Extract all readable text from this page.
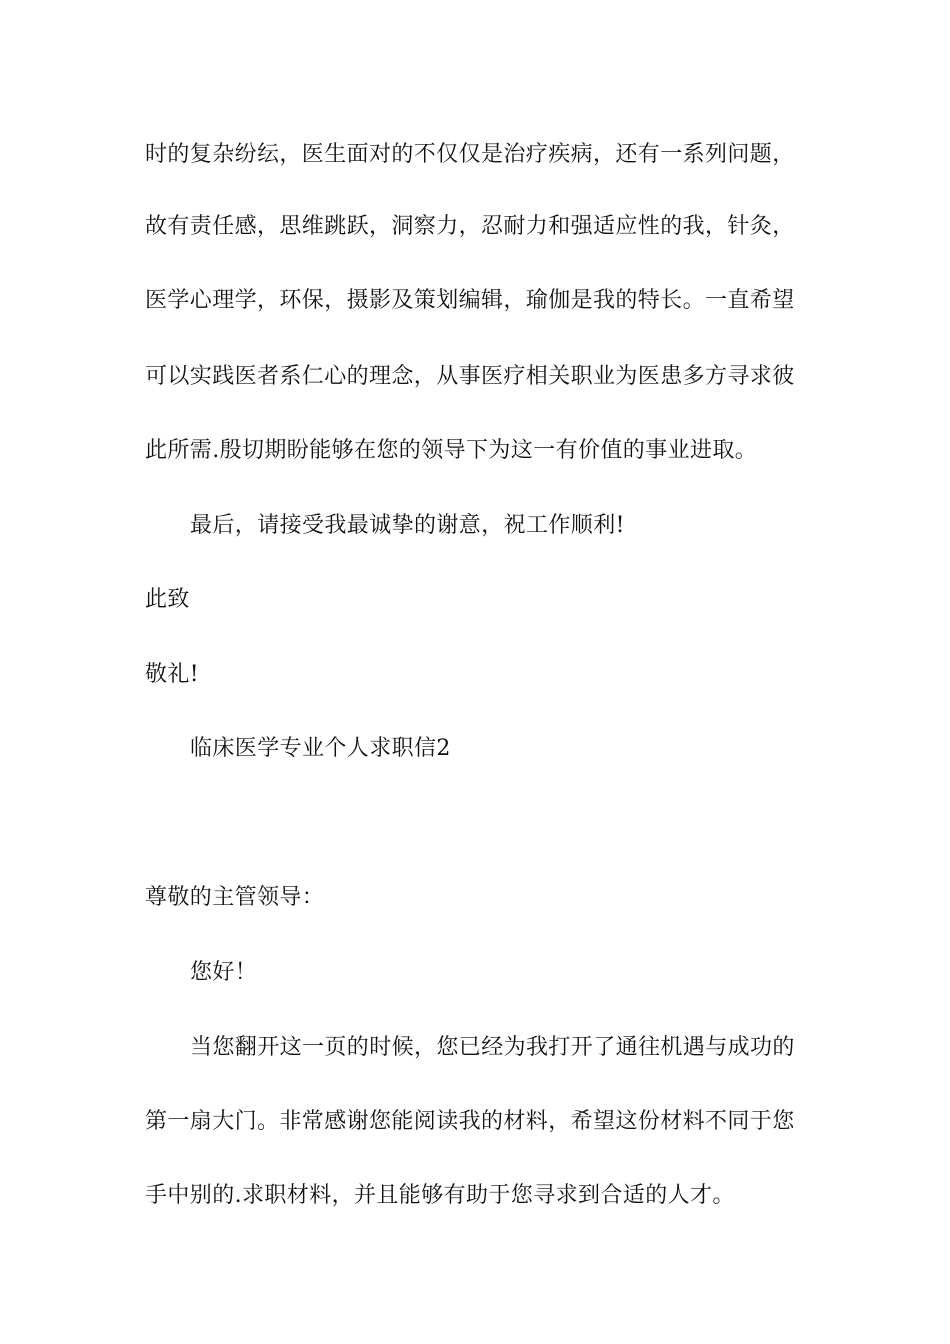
时的复杂纷纭，医生面对的不仅仅是治疗疾病，还有一系列问题，
故有责任感，思维跳跃，洞察力，忍耐力和强适应性的我，针灸，
医学心理学，环保，摄影及策划编辑，瑜伽是我的特长。一直希望
可以实践医者系仁心的理念，从事医疗相关职业为医患多方寻求彼
此所需.殷切期盼能够在您的领导下为这一有价值的事业进取。
最后，请接受我最诚挚的谢意，祝工作顺利!
此致
敬礼!
临床医学专业个人求职信2
尊敬的主管领导：
您好！
当您翻开这一页的时候，您已经为我打开了通往机遇与成功的
第一扇大门。非常感谢您能阅读我的材料，希望这份材料不同于您
手中别的.求职材料，并且能够有助于您寻求到合适的人才。
